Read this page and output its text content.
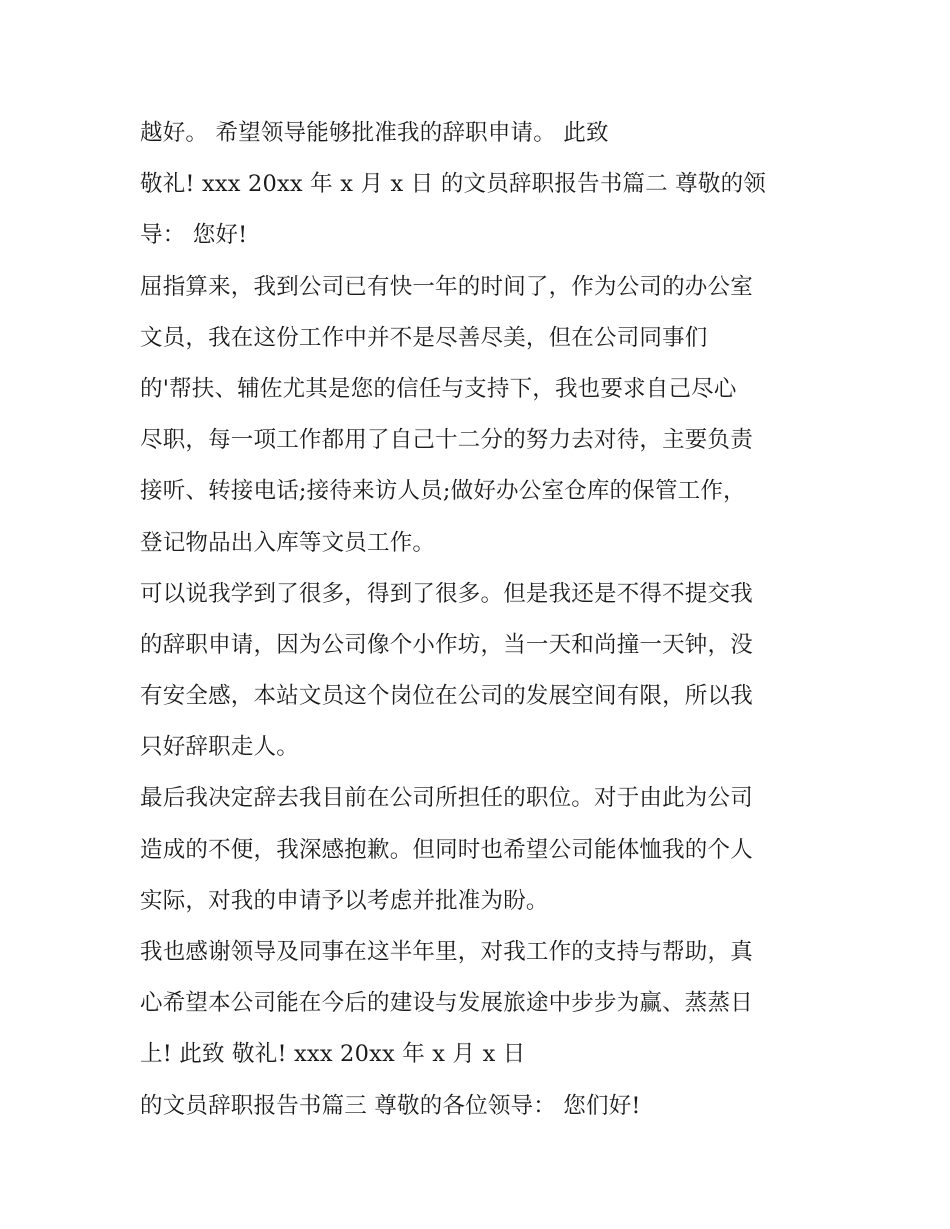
越好。 希望领导能够批准我的辞职申请。 此致
敬礼! xxx 20xx 年 x 月 x 日 的文员辞职报告书篇二 尊敬的领
导： 您好!
屈指算来，我到公司已有快一年的时间了，作为公司的办公室
文员，我在这份工作中并不是尽善尽美，但在公司同事们
的'帮扶、辅佐尤其是您的信任与支持下，我也要求自己尽心
尽职，每一项工作都用了自己十二分的努力去对待，主要负责
接听、转接电话;接待来访人员;做好办公室仓库的保管工作，
登记物品出入库等文员工作。
可以说我学到了很多，得到了很多。但是我还是不得不提交我
的辞职申请，因为公司像个小作坊，当一天和尚撞一天钟，没
有安全感，本站文员这个岗位在公司的发展空间有限，所以我
只好辞职走人。
最后我决定辞去我目前在公司所担任的职位。对于由此为公司
造成的不便，我深感抱歉。但同时也希望公司能体恤我的个人
实际，对我的申请予以考虑并批准为盼。
我也感谢领导及同事在这半年里，对我工作的支持与帮助，真
心希望本公司能在今后的建设与发展旅途中步步为赢、蒸蒸日
上! 此致 敬礼! xxx 20xx 年 x 月 x 日
的文员辞职报告书篇三 尊敬的各位领导： 您们好!
